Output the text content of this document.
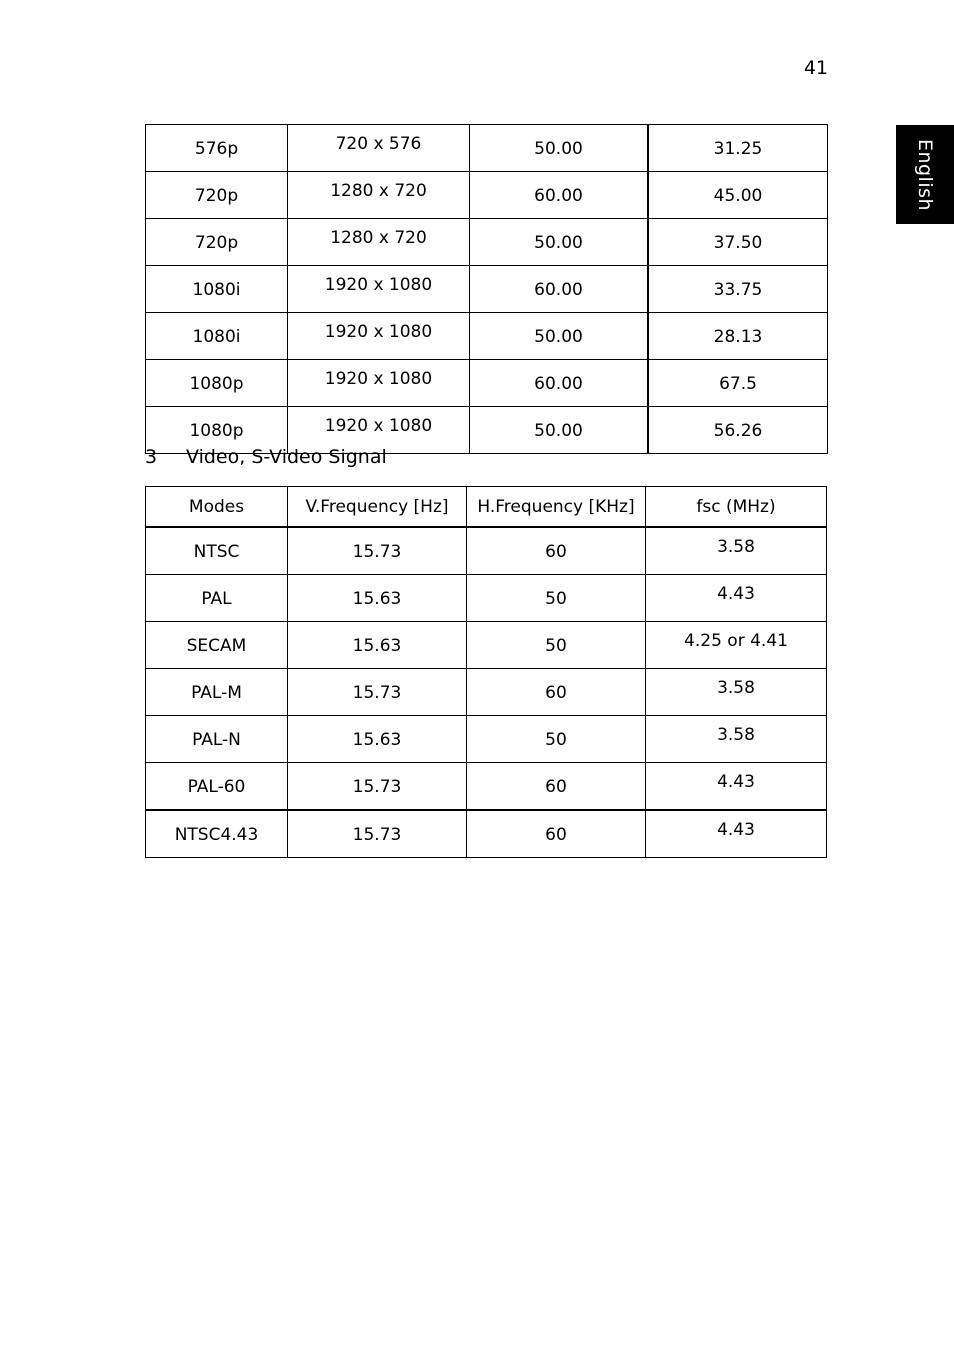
41
English
576p	720 x 576	50.00	31.25
720p	1280 x 720	60.00	45.00
720p	1280 x 720	50.00	37.50
1080i	1920 x 1080	60.00	33.75
1080i	1920 x 1080	50.00	28.13
1080p	1920 x 1080	60.00	67.5
1080p	1920 x 1080	50.00	56.26
3 Video, S-Video Signal
Modes	V.Frequency [Hz]	H.Frequency [KHz]	fsc (MHz)
NTSC	15.73	60	3.58
PAL	15.63	50	4.43
SECAM	15.63	50	4.25 or 4.41
PAL-M	15.73	60	3.58
PAL-N	15.63	50	3.58
PAL-60	15.73	60	4.43
NTSC4.43	15.73	60	4.43
